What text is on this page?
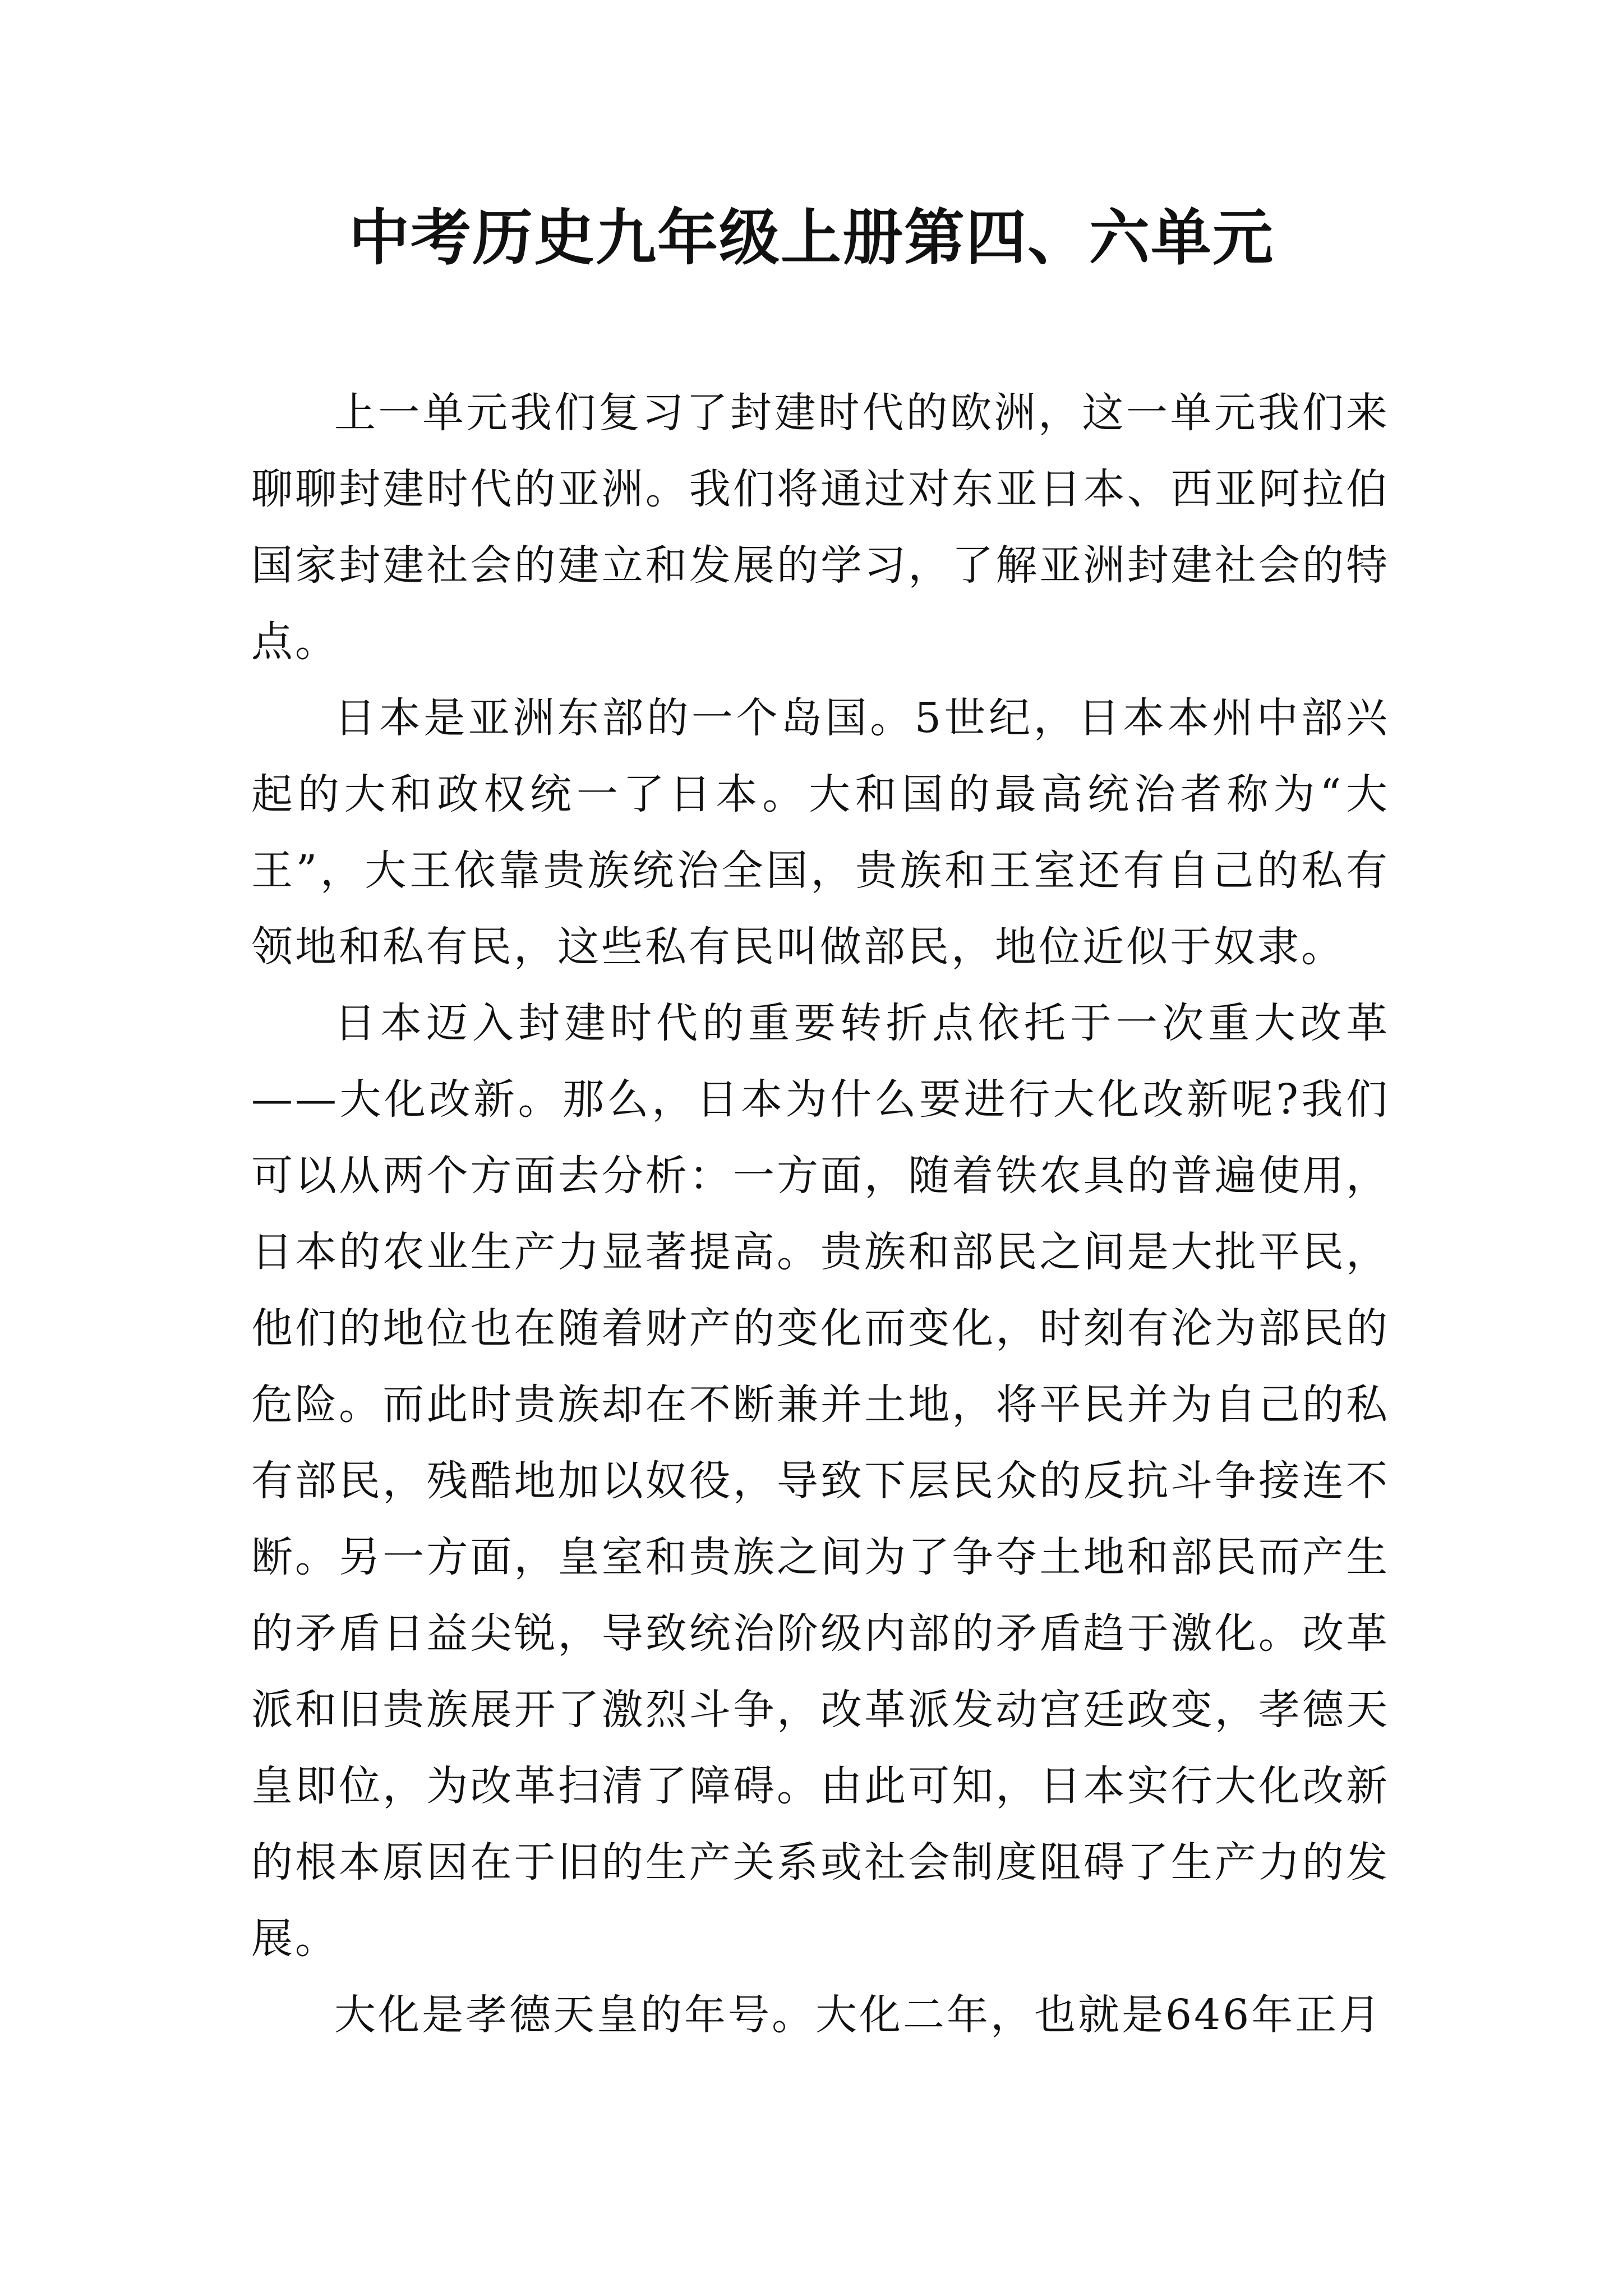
中考历史九年级上册第四、六单元

上一单元我们复习了封建时代的欧洲，这一单元我们来聊聊封建时代的亚洲。我们将通过对东亚日本、西亚阿拉伯国家封建社会的建立和发展的学习，了解亚洲封建社会的特点。

日本是亚洲东部的一个岛国。5世纪，日本本州中部兴起的大和政权统一了日本。大和国的最高统治者称为“大王”，大王依靠贵族统治全国，贵族和王室还有自己的私有领地和私有民，这些私有民叫做部民，地位近似于奴隶。

日本迈入封建时代的重要转折点依托于一次重大改革——大化改新。那么，日本为什么要进行大化改新呢?我们可以从两个方面去分析：一方面，随着铁农具的普遍使用，日本的农业生产力显著提高。贵族和部民之间是大批平民，他们的地位也在随着财产的变化而变化，时刻有沦为部民的危险。而此时贵族却在不断兼并土地，将平民并为自己的私有部民，残酷地加以奴役，导致下层民众的反抗斗争接连不断。另一方面，皇室和贵族之间为了争夺土地和部民而产生的矛盾日益尖锐，导致统治阶级内部的矛盾趋于激化。改革派和旧贵族展开了激烈斗争，改革派发动宫廷政变，孝德天皇即位，为改革扫清了障碍。由此可知，日本实行大化改新的根本原因在于旧的生产关系或社会制度阻碍了生产力的发展。

大化是孝德天皇的年号。大化二年，也就是646年正月
